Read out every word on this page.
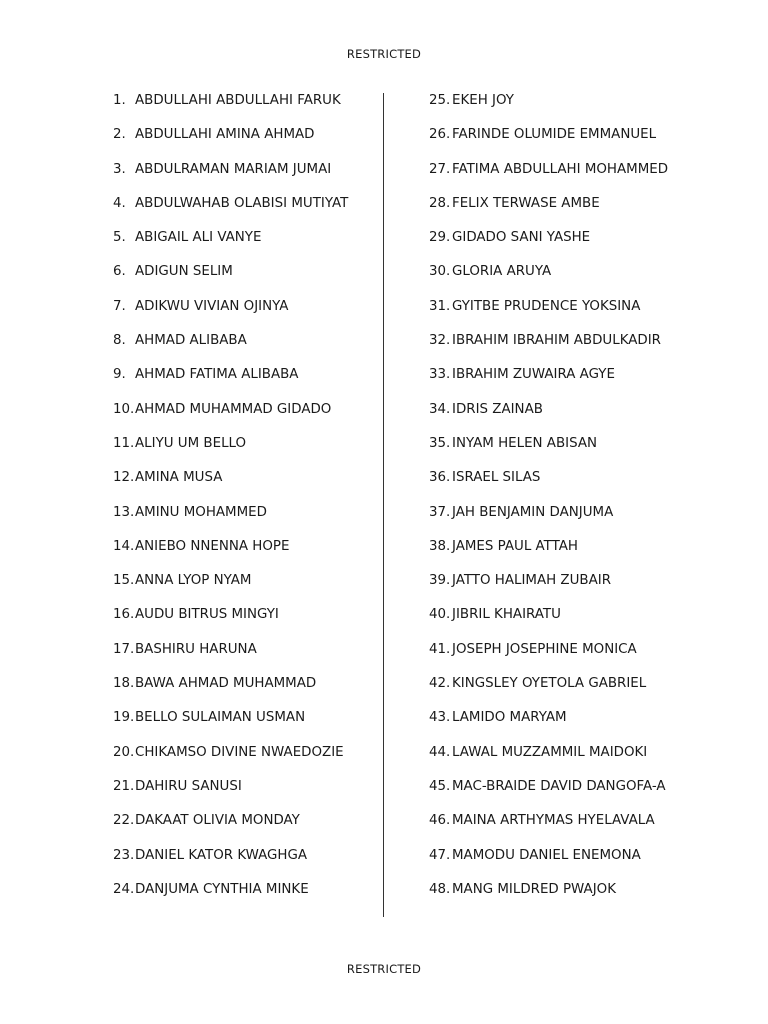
RESTRICTED
1. ABDULLAHI ABDULLAHI FARUK
2. ABDULLAHI AMINA AHMAD
3. ABDULRAMAN MARIAM JUMAI
4. ABDULWAHAB OLABISI MUTIYAT
5. ABIGAIL ALI VANYE
6. ADIGUN SELIM
7. ADIKWU VIVIAN OJINYA
8. AHMAD ALIBABA
9. AHMAD FATIMA ALIBABA
10. AHMAD MUHAMMAD GIDADO
11. ALIYU UM BELLO
12. AMINA MUSA
13. AMINU MOHAMMED
14. ANIEBO NNENNA HOPE
15. ANNA LYOP NYAM
16. AUDU BITRUS MINGYI
17. BASHIRU HARUNA
18. BAWA AHMAD MUHAMMAD
19. BELLO SULAIMAN USMAN
20. CHIKAMSO DIVINE NWAEDOZIE
21. DAHIRU SANUSI
22. DAKAAT OLIVIA MONDAY
23. DANIEL KATOR KWAGHGA
24. DANJUMA CYNTHIA MINKE
25. EKEH JOY
26. FARINDE OLUMIDE EMMANUEL
27. FATIMA ABDULLAHI MOHAMMED
28. FELIX TERWASE AMBE
29. GIDADO SANI YASHE
30. GLORIA ARUYA
31. GYITBE PRUDENCE YOKSINA
32. IBRAHIM IBRAHIM ABDULKADIR
33. IBRAHIM ZUWAIRA AGYE
34. IDRIS ZAINAB
35. INYAM HELEN ABISAN
36. ISRAEL SILAS
37. JAH BENJAMIN DANJUMA
38. JAMES PAUL ATTAH
39. JATTO HALIMAH ZUBAIR
40. JIBRIL KHAIRATU
41. JOSEPH JOSEPHINE MONICA
42. KINGSLEY OYETOLA GABRIEL
43. LAMIDO MARYAM
44. LAWAL MUZZAMMIL MAIDOKI
45. MAC-BRAIDE DAVID DANGOFA-A
46. MAINA ARTHYMAS HYELAVALA
47. MAMODU DANIEL ENEMONA
48. MANG MILDRED PWAJOK
RESTRICTED
